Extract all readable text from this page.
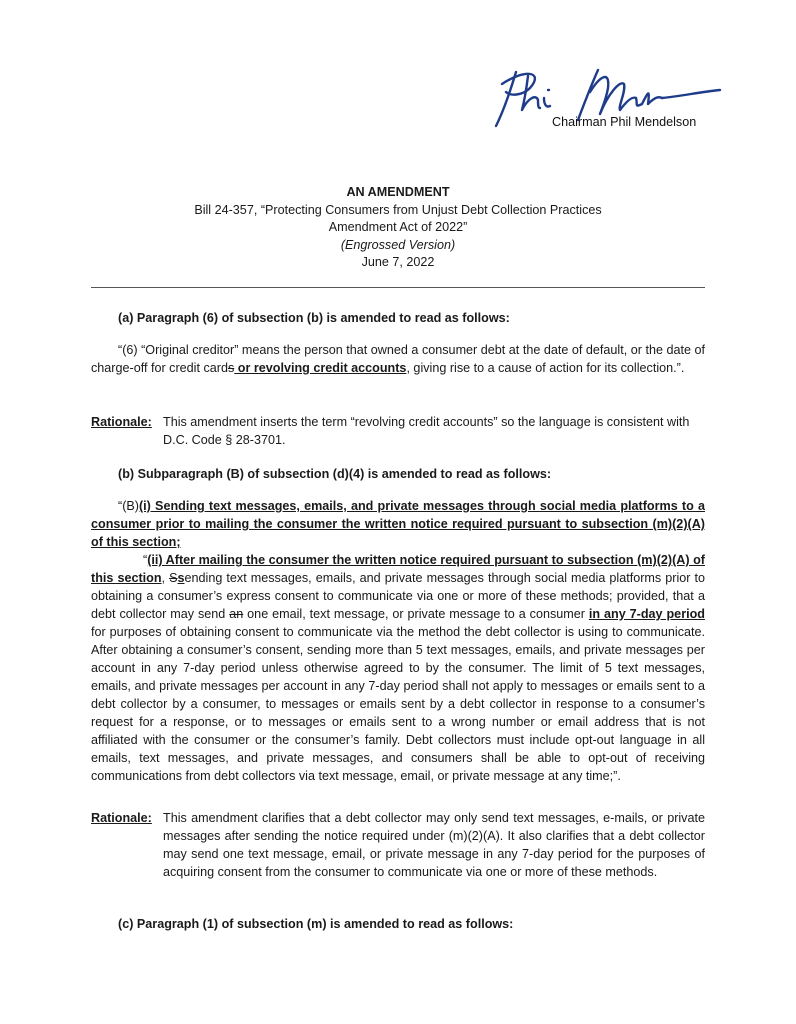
Chairman Phil Mendelson
AN AMENDMENT
Bill 24-357, “Protecting Consumers from Unjust Debt Collection Practices
Amendment Act of 2022”
(Engrossed Version)
June 7, 2022
(a) Paragraph (6) of subsection (b) is amended to read as follows:
“(6) “Original creditor” means the person that owned a consumer debt at the date of default, or the date of charge-off for credit cards or revolving credit accounts, giving rise to a cause of action for its collection.”.
Rationale: This amendment inserts the term “revolving credit accounts” so the language is consistent with D.C. Code § 28-3701.
(b) Subparagraph (B) of subsection (d)(4) is amended to read as follows:
“(B)(i) Sending text messages, emails, and private messages through social media platforms to a consumer prior to mailing the consumer the written notice required pursuant to subsection (m)(2)(A) of this section;
“(ii) After mailing the consumer the written notice required pursuant to subsection (m)(2)(A) of this section, Ssending text messages, emails, and private messages through social media platforms prior to obtaining a consumer’s express consent to communicate via one or more of these methods; provided, that a debt collector may send an one email, text message, or private message to a consumer in any 7-day period for purposes of obtaining consent to communicate via the method the debt collector is using to communicate. After obtaining a consumer’s consent, sending more than 5 text messages, emails, and private messages per account in any 7-day period unless otherwise agreed to by the consumer. The limit of 5 text messages, emails, and private messages per account in any 7-day period shall not apply to messages or emails sent to a debt collector by a consumer, to messages or emails sent by a debt collector in response to a consumer’s request for a response, or to messages or emails sent to a wrong number or email address that is not affiliated with the consumer or the consumer’s family. Debt collectors must include opt-out language in all emails, text messages, and private messages, and consumers shall be able to opt-out of receiving communications from debt collectors via text message, email, or private message at any time;”.
Rationale: This amendment clarifies that a debt collector may only send text messages, e-mails, or private messages after sending the notice required under (m)(2)(A). It also clarifies that a debt collector may send one text message, email, or private message in any 7-day period for the purposes of acquiring consent from the consumer to communicate via one or more of these methods.
(c) Paragraph (1) of subsection (m) is amended to read as follows:
